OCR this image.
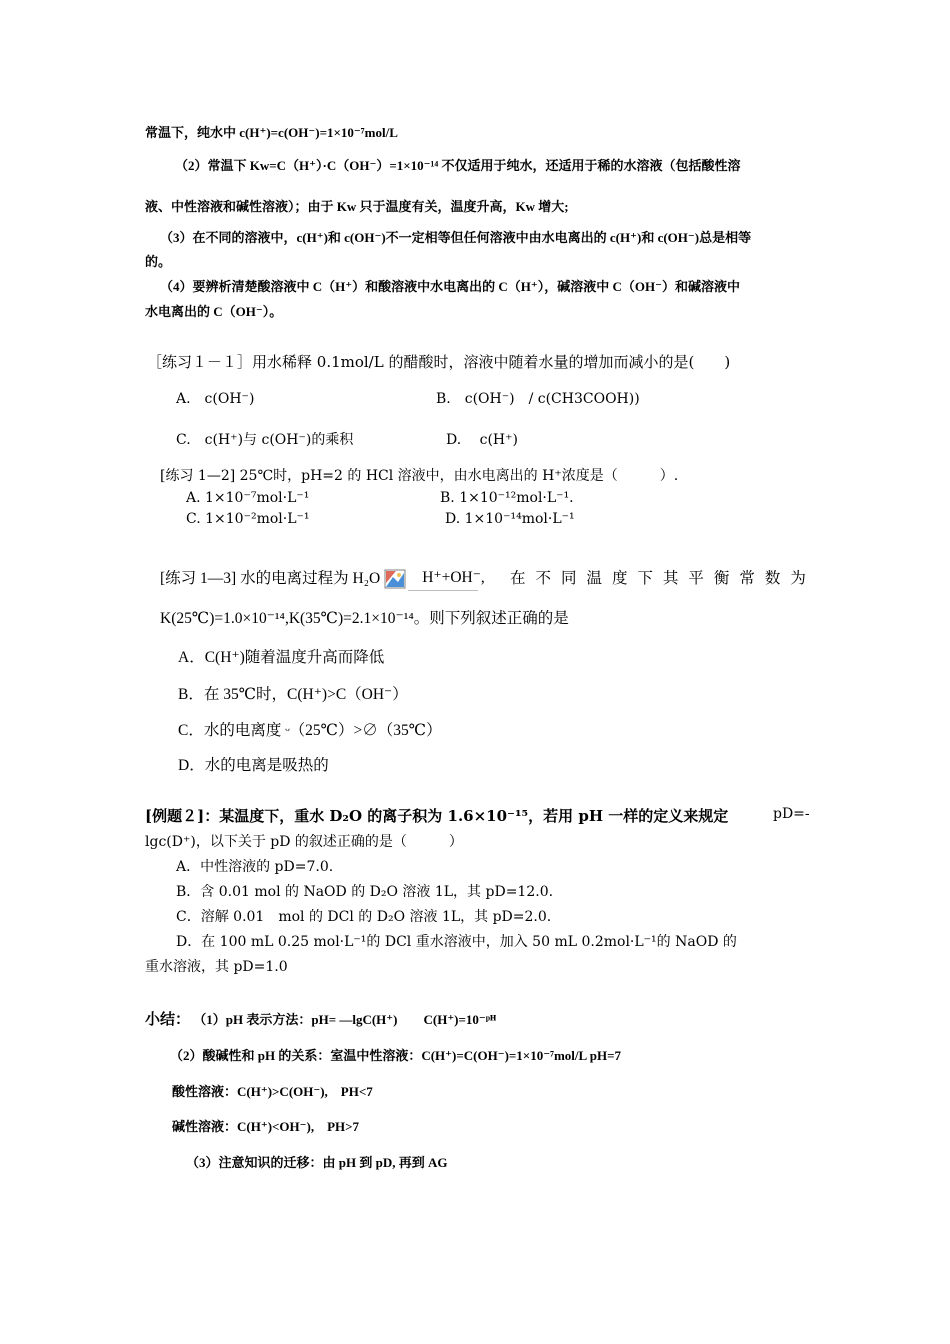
常温下，纯水中 c(H⁺)=c(OH⁻)=1×10⁻⁷mol/L
（2）常温下 Kw=C（H⁺）·C（OH⁻）=1×10⁻¹⁴ 不仅适用于纯水，还适用于稀的水溶液（包括酸性溶
液、中性溶液和碱性溶液）；由于 Kw 只于温度有关，温度升高，Kw 增大;
（3）在不同的溶液中，c(H⁺)和 c(OH⁻)不一定相等但任何溶液中由水电离出的 c(H⁺)和 c(OH⁻)总是相等
的。
（4）要辨析清楚酸溶液中 C（H⁺）和酸溶液中水电离出的 C（H⁺），碱溶液中 C（OH⁻）和碱溶液中
水电离出的 C（OH⁻）。
［练习１－１］用水稀释 0.1mol/L 的醋酸时，溶液中随着水量的增加而减小的是(　　)
A.　c(OH⁻)	B.　c(OH⁻)　/ c(CH3COOH))
C.　c(H⁺)与 c(OH⁻)的乘积	D.　 c(H⁺)
[练习 1—2] 25℃时，pH=2 的 HCl 溶液中，由水电离出的 H⁺浓度是（　　　）.
A. 1×10⁻⁷mol·L⁻¹	B. 1×10⁻¹²mol·L⁻¹.
C. 1×10⁻²mol·L⁻¹	D. 1×10⁻¹⁴mol·L⁻¹
[练习 1—3] 水的电离过程为 H₂O	H⁺+OH⁻, 在 不 同 温 度 下 其 平 衡 常 数 为
K(25℃)=1.0×10⁻¹⁴,K(35℃)=2.1×10⁻¹⁴。则下列叙述正确的是
A．C(H⁺)随着温度升高而降低
B．在 35℃时，C(H⁺)>C（OH⁻）
C．水的电离度 ᵕ（25℃）>∅（35℃）
D．水的电离是吸热的
[例题２]：某温度下，重水 D₂O 的离子积为 1.6×10⁻¹⁵，若用 pH 一样的定义来规定	pD=-
lgc(D⁺)，以下关于 pD 的叙述正确的是（　　　）
A．中性溶液的 pD=7.0.
B．含 0.01 mol 的 NaOD 的 D₂O 溶液 1L，其 pD=12.0.
C．溶解 0.01　mol 的 DCl 的 D₂O 溶液 1L，其 pD=2.0.
D．在 100 mL 0.25 mol·L⁻¹的 DCl 重水溶液中，加入 50 mL 0.2mol·L⁻¹的 NaOD 的
重水溶液，其 pD=1.0
小结： （1）pH 表示方法：pH= —lgC(H⁺)　　C(H⁺)=10⁻ᵖᴴ
（2）酸碱性和 pH 的关系：室温中性溶液：C(H⁺)=C(OH⁻)=1×10⁻⁷mol/L pH=7
酸性溶液：C(H⁺)>C(OH⁻),　PH<7
碱性溶液：C(H⁺)<OH⁻),　PH>7
（3）注意知识的迁移：由 pH 到 pD, 再到 AG
